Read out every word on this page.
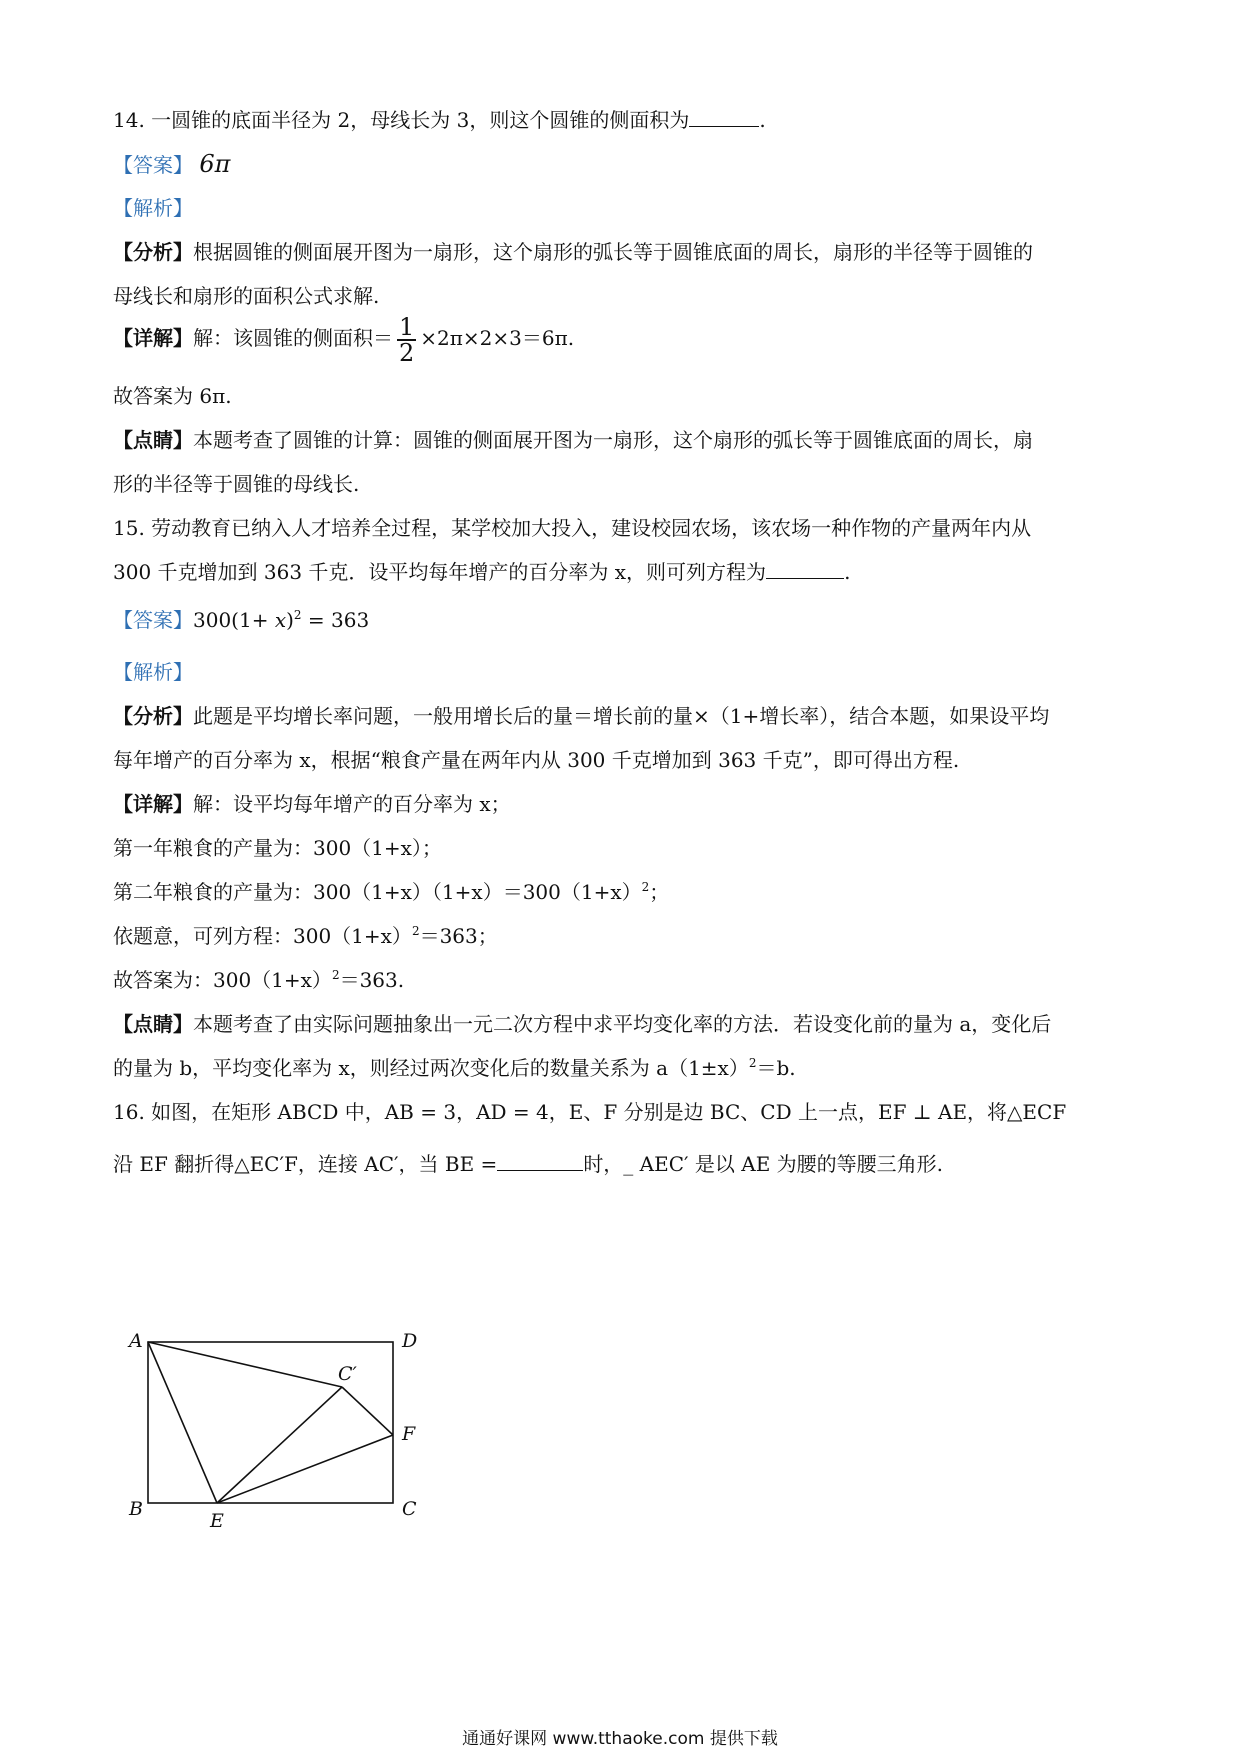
14. 一圆锥的底面半径为 2，母线长为 3，则这个圆锥的侧面积为	.
【答案】 6π
【解析】
【分析】根据圆锥的侧面展开图为一扇形，这个扇形的弧长等于圆锥底面的周长，扇形的半径等于圆锥的
母线长和扇形的面积公式求解.
【详解】解：该圆锥的侧面积＝ $\frac{1}{2} \times 2\pi\times 2\times 3=6\pi$.
故答案为 6π.
【点睛】本题考查了圆锥的计算：圆锥的侧面展开图为一扇形，这个扇形的弧长等于圆锥底面的周长，扇
形的半径等于圆锥的母线长.
15. 劳动教育已纳入人才培养全过程，某学校加大投入，建设校园农场，该农场一种作物的产量两年内从
300 千克增加到 363 千克．设平均每年增产的百分率为 x，则可列方程为	.
【答案】$300(1+ x)^2 = 363$
【解析】
【分析】此题是平均增长率问题，一般用增长后的量＝增长前的量×（1+增长率），结合本题，如果设平均
每年增产的百分率为 x，根据“粮食产量在两年内从 300 千克增加到 363 千克”，即可得出方程.
【详解】解：设平均每年增产的百分率为 x；
第一年粮食的产量为：300（1+x）；
第二年粮食的产量为：$300(1+x)(1+x)=300(1+x)^2$；
依题意，可列方程：$300(1+x)^2=363$；
故答案为：$300(1+x)^2=363$.
【点睛】本题考查了由实际问题抽象出一元二次方程中求平均变化率的方法．若设变化前的量为 a，变化后
的量为 b，平均变化率为 x，则经过两次变化后的数量关系为 $a(1\pm x)^2=b$.
16. 如图，在矩形 ABCD 中，AB = 3，AD = 4，E、F 分别是边 BC、CD 上一点，EF ⊥ AE，将△ECF
沿 EF 翻折得△EC′F，连接 AC′，当 BE =	时，_ AEC′ 是以 AE 为腰的等腰三角形.
A	D
C′
F
B
E
C
通通好课网 www.tthaoke.com 提供下载
